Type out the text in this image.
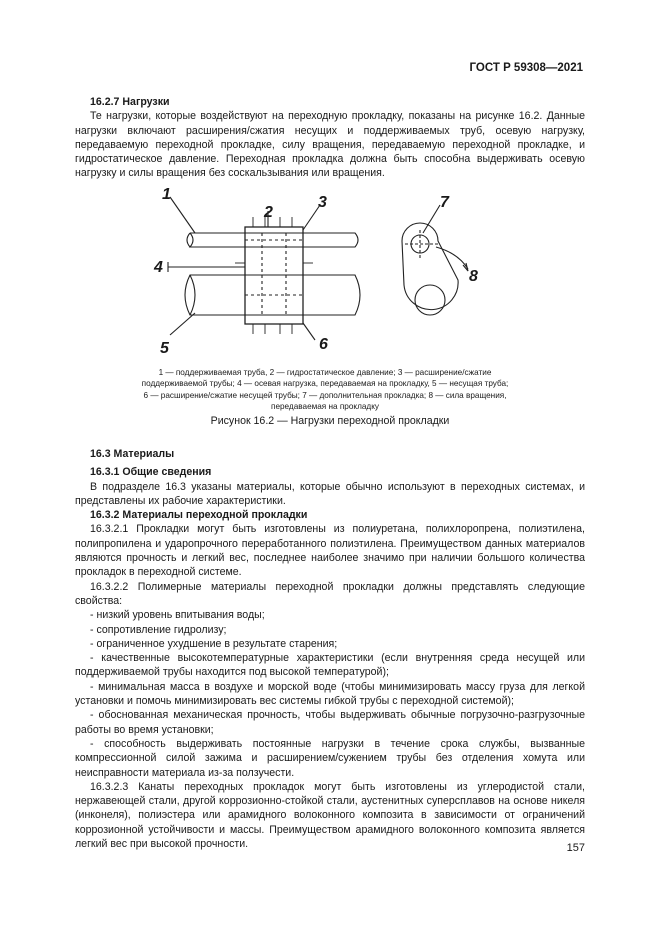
ГОСТ Р 59308—2021

16.2.7 Нагрузки

Те нагрузки, которые воздействуют на переходную прокладку, показаны на рисунке 16.2. Данные нагрузки включают расширения/сжатия несущих и поддерживаемых труб, осевую нагрузку, передаваемую переходной прокладке, силу вращения, передаваемую переходной прокладке, и гидростатическое давление. Переходная прокладка должна быть способна выдерживать осевую нагрузку и силы вращения без соскальзывания или вращения.

1
2
3
4
5	6
7
8
1 — поддерживаемая труба, 2 — гидростатическое давление; 3 — расширение/сжатие поддерживаемой трубы; 4 — осевая нагрузка, передаваемая на прокладку, 5 — несущая труба; 6 — расширение/сжатие несущей трубы; 7 — дополнительная прокладка; 8 — сила вращения, передаваемая на прокладку
Рисунок 16.2 — Нагрузки переходной прокладки

16.3 Материалы

16.3.1 Общие сведения

В подразделе 16.3 указаны материалы, которые обычно используют в переходных системах, и представлены их рабочие характеристики.

16.3.2 Материалы переходной прокладки

16.3.2.1 Прокладки могут быть изготовлены из полиуретана, полихлоропрена, полиэтилена, полипропилена и ударопрочного переработанного полиэтилена. Преимуществом данных материалов являются прочность и легкий вес, последнее наиболее значимо при наличии большого количества прокладок в переходной системе.

16.3.2.2 Полимерные материалы переходной прокладки должны представлять следующие свойства:

- низкий уровень впитывания воды;

- сопротивление гидролизу;

- ограниченное ухудшение в результате старения;

- качественные высокотемпературные характеристики (если внутренняя среда несущей или поддерживаемой трубы находится под высокой температурой);

- минимальная масса в воздухе и морской воде (чтобы минимизировать массу груза для легкой установки и помочь минимизировать вес системы гибкой трубы с переходной системой);

- обоснованная механическая прочность, чтобы выдерживать обычные погрузочно-разгрузочные работы во время установки;

- способность выдерживать постоянные нагрузки в течение срока службы, вызванные компрессионной силой зажима и расширением/сужением трубы без отделения хомута или неисправности материала из-за ползучести.

16.3.2.3 Канаты переходных прокладок могут быть изготовлены из углеродистой стали, нержавеющей стали, другой коррозионно-стойкой стали, аустенитных суперсплавов на основе никеля (инконеля), полиэстера или арамидного волоконного композита в зависимости от ограничений коррозионной устойчивости и массы. Преимуществом арамидного волоконного композита является легкий вес при высокой прочности.	157
